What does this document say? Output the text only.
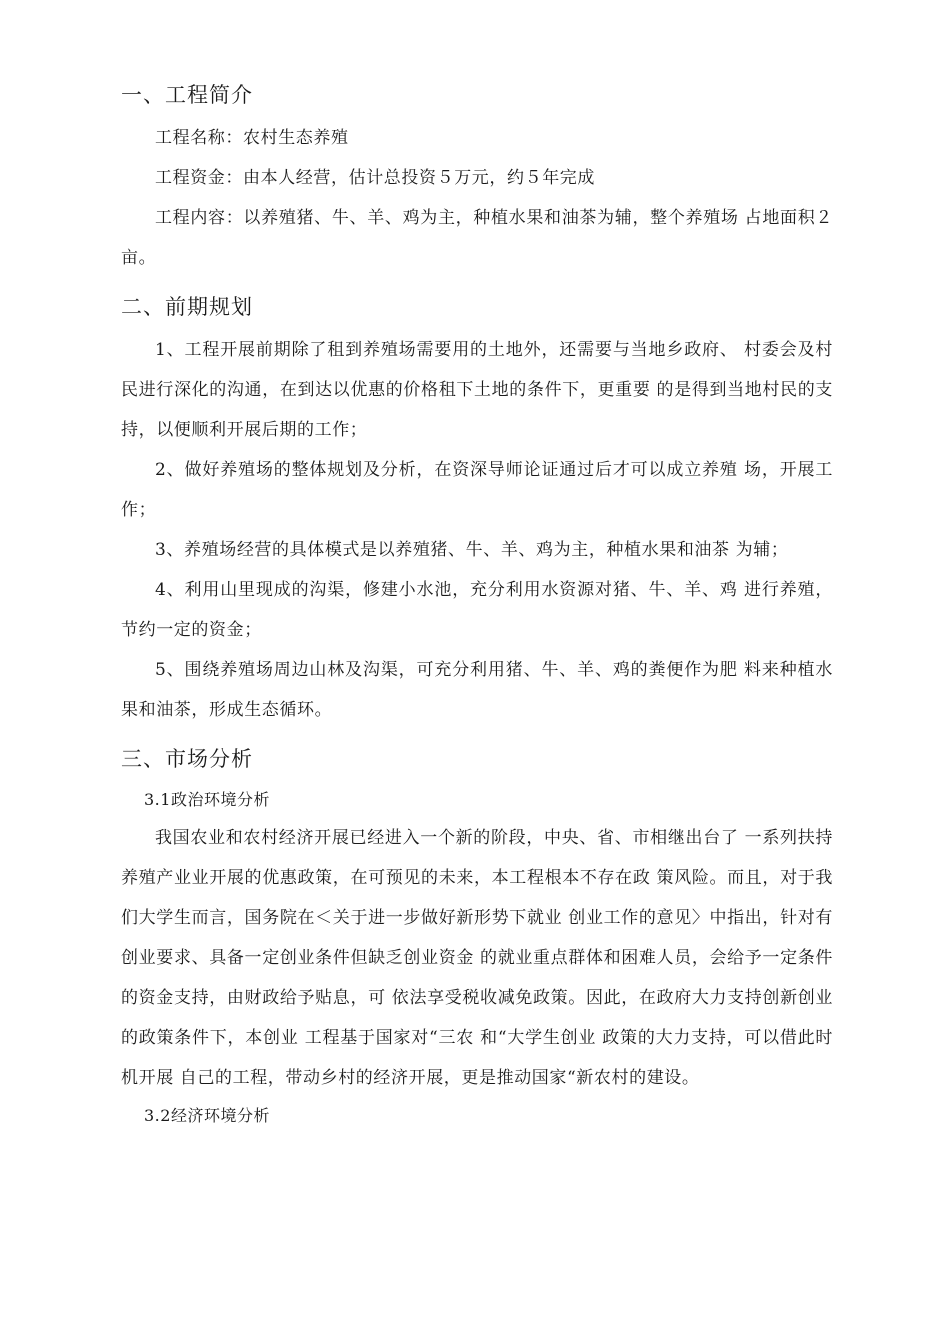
一、工程简介

工程名称：农村生态养殖

工程资金：由本人经营，估计总投资５万元，约５年完成

工程内容：以养殖猪、牛、羊、鸡为主，种植水果和油茶为辅，整个养殖场 占地面积２亩。

二、前期规划

1、工程开展前期除了租到养殖场需要用的土地外，还需要与当地乡政府、 村委会及村民进行深化的沟通，在到达以优惠的价格租下土地的条件下，更重要 的是得到当地村民的支持，以便顺利开展后期的工作；

2、做好养殖场的整体规划及分析，在资深导师论证通过后才可以成立养殖 场，开展工作；

3、养殖场经营的具体模式是以养殖猪、牛、羊、鸡为主，种植水果和油茶 为辅；

4、利用山里现成的沟渠，修建小水池，充分利用水资源对猪、牛、羊、鸡 进行养殖，节约一定的资金；

5、围绕养殖场周边山林及沟渠，可充分利用猪、牛、羊、鸡的粪便作为肥 料来种植水果和油茶，形成生态循环。

三、市场分析
3.1政治环境分析

我国农业和农村经济开展已经进入一个新的阶段，中央、省、市相继出台了 一系列扶持养殖产业业开展的优惠政策，在可预见的未来，本工程根本不存在政 策风险。而且，对于我们大学生而言，国务院在＜关于进一步做好新形势下就业 创业工作的意见〉中指出，针对有创业要求、具备一定创业条件但缺乏创业资金 的就业重点群体和困难人员，会给予一定条件的资金支持，由财政给予贴息，可 依法享受税收减免政策。因此，在政府大力支持创新创业的政策条件下，本创业 工程基于国家对“三农 和“大学生创业 政策的大力支持，可以借此时机开展 自己的工程，带动乡村的经济开展，更是推动国家“新农村的建设。

3.2经济环境分析
